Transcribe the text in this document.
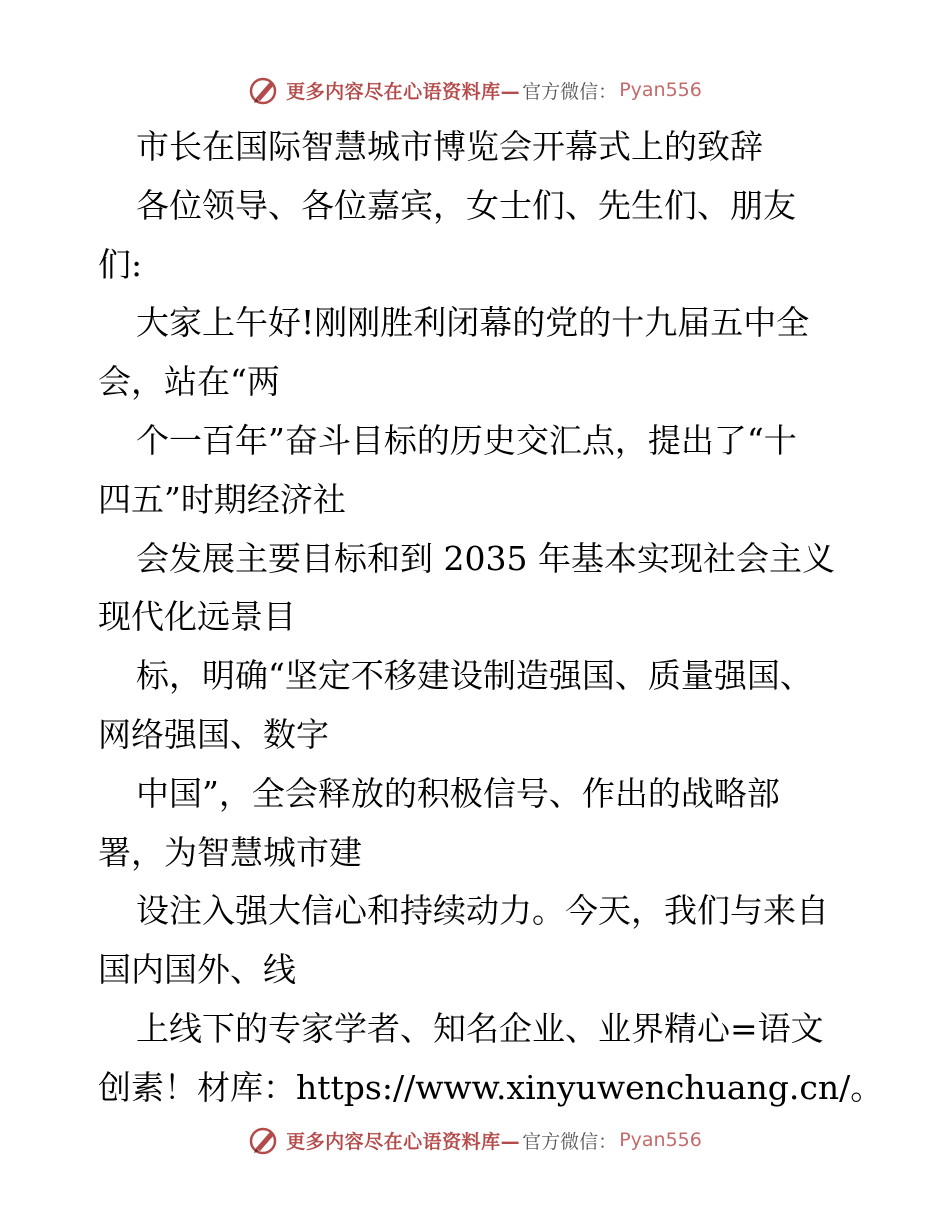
更多内容尽在心语资料库— 官方微信： Pyan556
市长在国际智慧城市博览会开幕式上的致辞
各位领导、各位嘉宾，女士们、先生们、朋友
们:
大家上午好!刚刚胜利闭幕的党的十九届五中全
会，站在“两
个一百年”奋斗目标的历史交汇点，提出了“十
四五”时期经济社
会发展主要目标和到 2035 年基本实现社会主义
现代化远景目
标，明确“坚定不移建设制造强国、质量强国、
网络强国、数字
中国”，全会释放的积极信号、作出的战略部
署，为智慧城市建
设注入强大信心和持续动力。今天，我们与来自
国内国外、线
上线下的专家学者、知名企业、业界精心=语文
创素！材库：https://www.xinyuwenchuang.cn/。
更多内容尽在心语资料库— 官方微信： Pyan556
